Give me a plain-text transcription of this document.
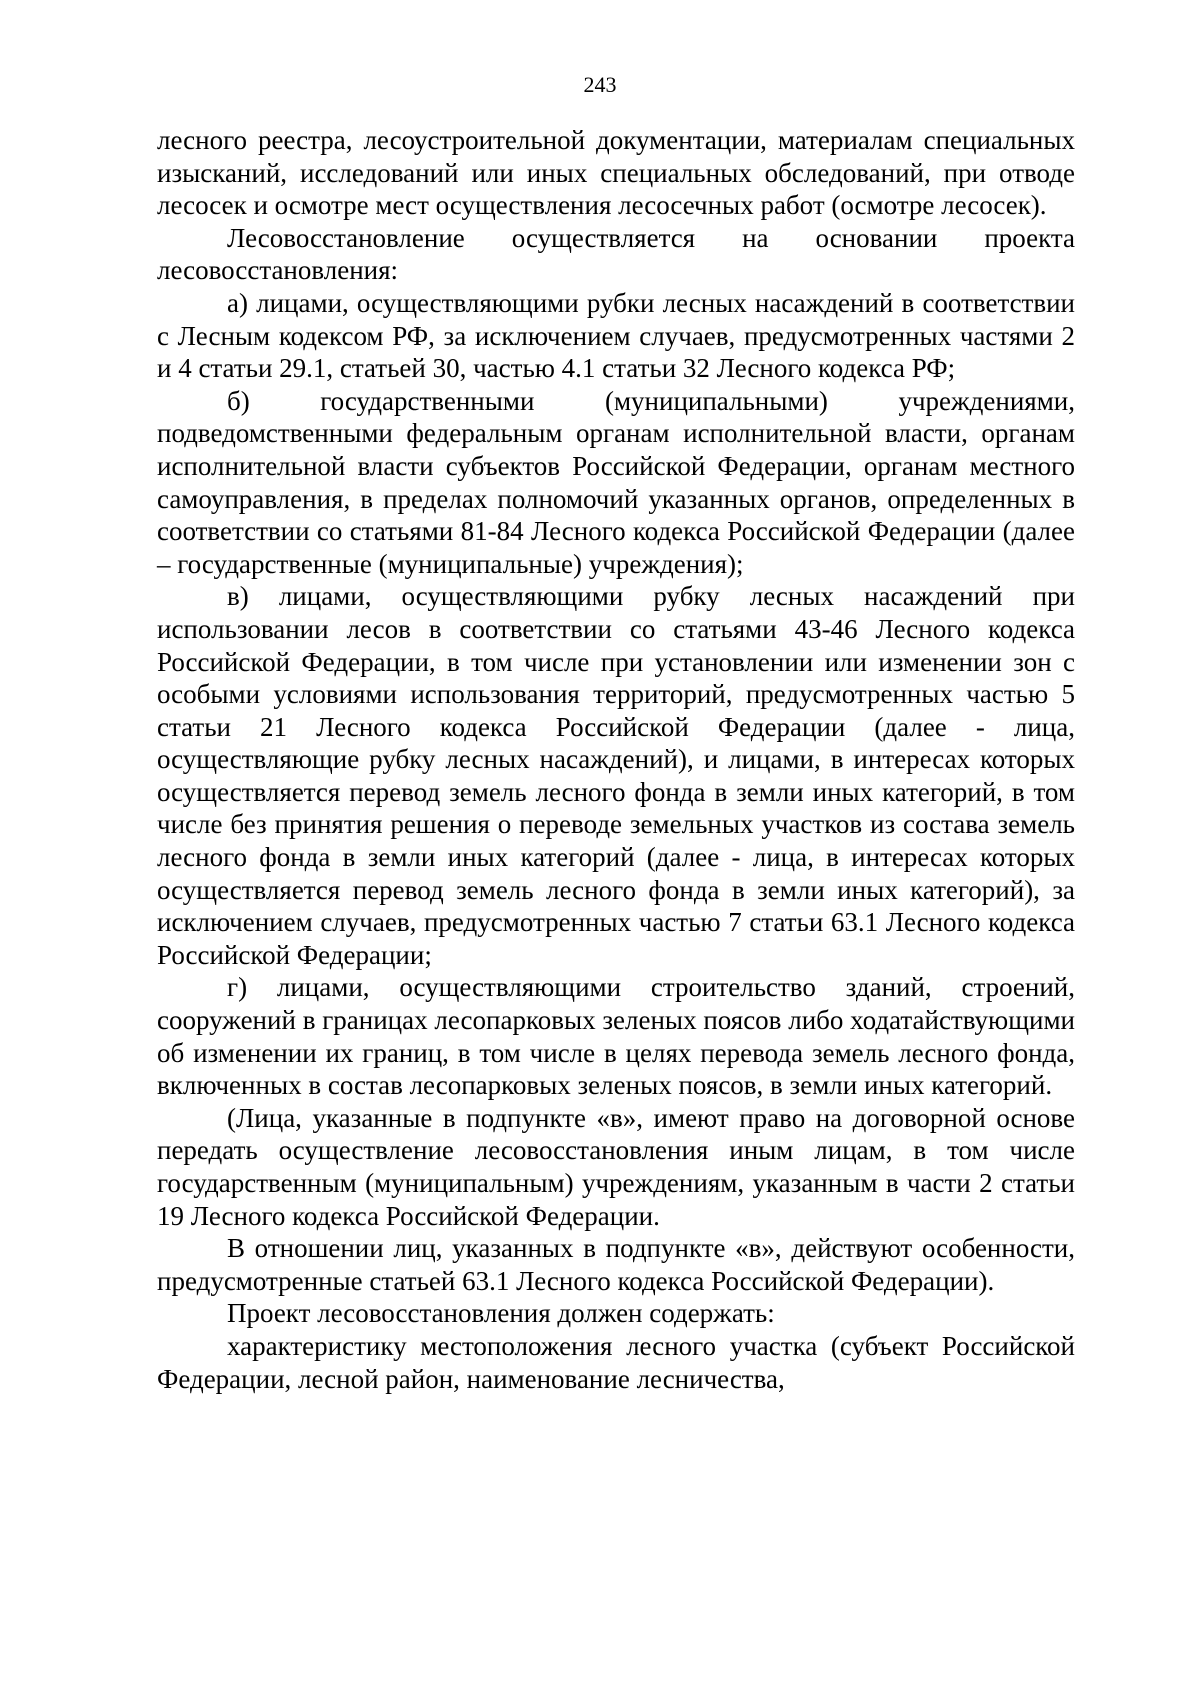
243

лесного реестра, лесоустроительной документации, материалам специальных изысканий, исследований или иных специальных обследований, при отводе лесосек и осмотре мест осуществления лесосечных работ (осмотре лесосек).

Лесовосстановление осуществляется на основании проекта лесовосстановления:

а) лицами, осуществляющими рубки лесных насаждений в соответствии с Лесным кодексом РФ, за исключением случаев, предусмотренных частями 2 и 4 статьи 29.1, статьей 30, частью 4.1 статьи 32 Лесного кодекса РФ;

б) государственными (муниципальными) учреждениями, подведомственными федеральным органам исполнительной власти, органам исполнительной власти субъектов Российской Федерации, органам местного самоуправления, в пределах полномочий указанных органов, определенных в соответствии со статьями 81-84 Лесного кодекса Российской Федерации (далее – государственные (муниципальные) учреждения);

в) лицами, осуществляющими рубку лесных насаждений при использовании лесов в соответствии со статьями 43-46 Лесного кодекса Российской Федерации, в том числе при установлении или изменении зон с особыми условиями использования территорий, предусмотренных частью 5 статьи 21 Лесного кодекса Российской Федерации (далее - лица, осуществляющие рубку лесных насаждений), и лицами, в интересах которых осуществляется перевод земель лесного фонда в земли иных категорий, в том числе без принятия решения о переводе земельных участков из состава земель лесного фонда в земли иных категорий (далее - лица, в интересах которых осуществляется перевод земель лесного фонда в земли иных категорий), за исключением случаев, предусмотренных частью 7 статьи 63.1 Лесного кодекса Российской Федерации;

г) лицами, осуществляющими строительство зданий, строений, сооружений в границах лесопарковых зеленых поясов либо ходатайствующими об изменении их границ, в том числе в целях перевода земель лесного фонда, включенных в состав лесопарковых зеленых поясов, в земли иных категорий.

(Лица, указанные в подпункте «в», имеют право на договорной основе передать осуществление лесовосстановления иным лицам, в том числе государственным (муниципальным) учреждениям, указанным в части 2 статьи 19 Лесного кодекса Российской Федерации.

В отношении лиц, указанных в подпункте «в», действуют особенности, предусмотренные статьей 63.1 Лесного кодекса Российской Федерации).

Проект лесовосстановления должен содержать:

характеристику местоположения лесного участка (субъект Российской Федерации, лесной район, наименование лесничества,
